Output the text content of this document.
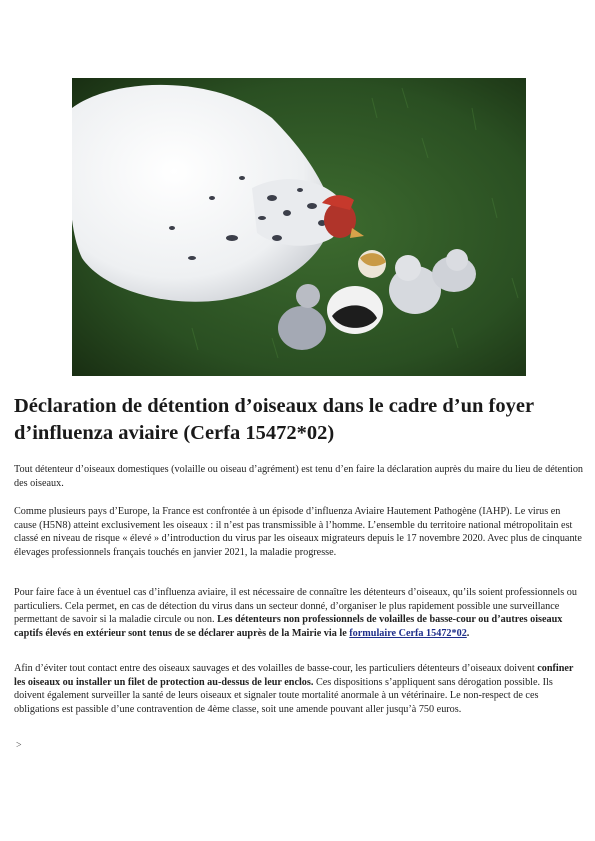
Déclaration de détention d’oiseaux dans le cadre d’un foyer d’influenza aviaire (Cerfa 15472*02)

Tout détenteur d’oiseaux domestiques (volaille ou oiseau d’agrément) est tenu d’en faire la déclaration auprès du maire du lieu de détention des oiseaux.

Comme plusieurs pays d’Europe, la France est confrontée à un épisode d’influenza Aviaire Hautement Pathogène (IAHP). Le virus en cause (H5N8) atteint exclusivement les oiseaux : il n’est pas transmissible à l’homme. L’ensemble du territoire national métropolitain est classé en niveau de risque « élevé » d’introduction du virus par les oiseaux migrateurs depuis le 17 novembre 2020. Avec plus de cinquante élevages professionnels français touchés en janvier 2021, la maladie progresse.

Pour faire face à un éventuel cas d’influenza aviaire, il est nécessaire de connaître les détenteurs d’oiseaux, qu’ils soient professionnels ou particuliers. Cela permet, en cas de détection du virus dans un secteur donné, d’organiser le plus rapidement possible une surveillance permettant de savoir si la maladie circule ou non. Les détenteurs non professionnels de volailles de basse-cour ou d’autres oiseaux captifs élevés en extérieur sont tenus de se déclarer auprès de la Mairie via le formulaire Cerfa 15472*02.

Afin d’éviter tout contact entre des oiseaux sauvages et des volailles de basse-cour, les particuliers détenteurs d’oiseaux doivent confiner les oiseaux ou installer un filet de protection au-dessus de leur enclos. Ces dispositions s’appliquent sans dérogation possible. Ils doivent également surveiller la santé de leurs oiseaux et signaler toute mortalité anormale à un vétérinaire. Le non-respect de ces obligations est passible d’une contravention de 4ème classe, soit une amende pouvant aller jusqu’à 750 euros.

>
